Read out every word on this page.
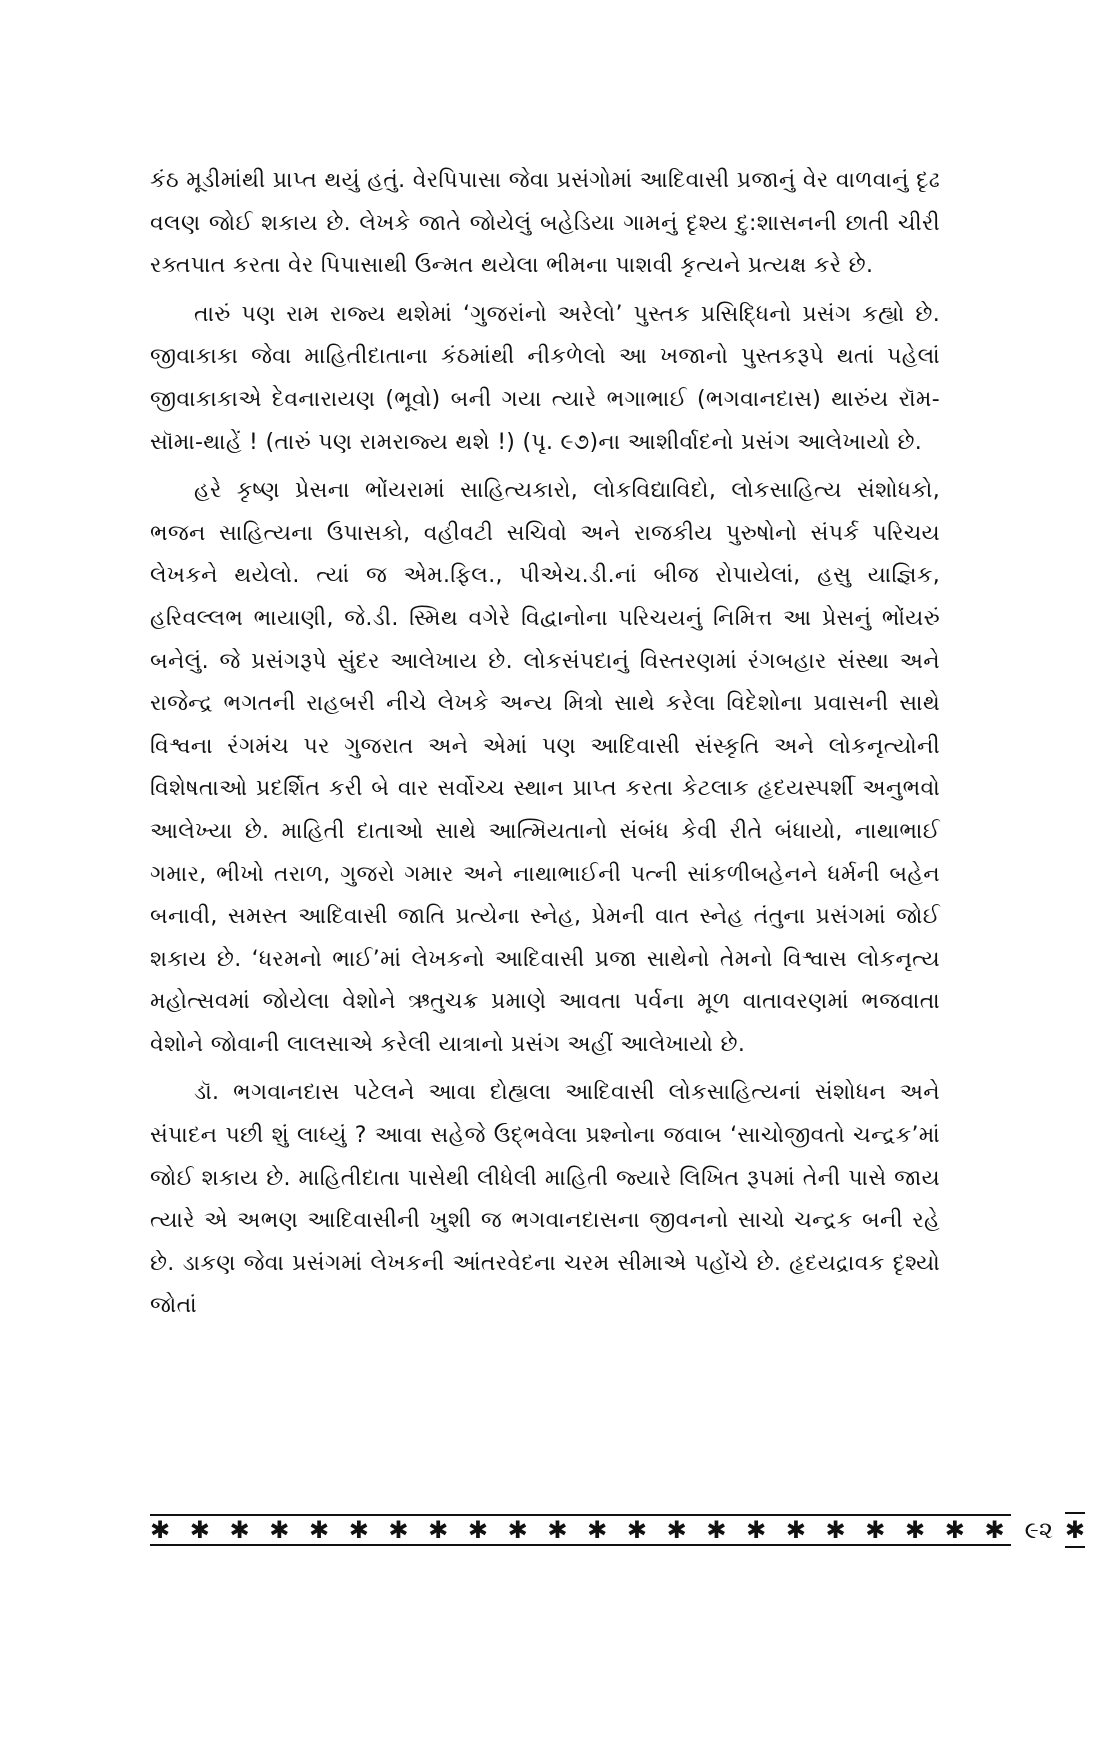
કંઠ મૂડીમાંથી પ્રાપ્ત થયું હતું. વેરપિપાસા જેવા પ્રસંગોમાં આદિવાસી પ્રજાનું વેર વાળવાનું દૃઢ વલણ જોઈ શકાય છે. લેખકે જાતે જોયેલું બહેડિયા ગામનું દૃશ્ય દુ:શાસનની છાતી ચીરી રક્તપાત કરતા વેર પિપાસાથી ઉન્મત થયેલા ભીમના પાશવી કૃત્યને પ્રત્યક્ષ કરે છે.

તારું પણ રામ રાજ્ય થશેમાં ‘ગુજરાંનો અરેલો’ પુસ્તક પ્રસિદ્ધિનો પ્રસંગ કહ્યો છે. જીવાકાકા જેવા માહિતીદાતાના કંઠમાંથી નીકળેલો આ ખજાનો પુસ્તકરૂપે થતાં પહેલાં જીવાકાકાએ દેવનારાયણ (ભૂવો) બની ગયા ત્યારે ભગાભાઈ (ભગવાનદાસ) થારુંય રૉમ-સૉમા-થાહેં ! (તારું પણ રામરાજ્ય થશે !) (પૃ. ૯૭)ના આશીર્વાદનો પ્રસંગ આલેખાયો છે.

હરે કૃષ્ણ પ્રેસના ભોંયરામાં સાહિત્યકારો, લોકવિદ્યાવિદો, લોકસાહિત્ય સંશોધકો, ભજન સાહિત્યના ઉપાસકો, વહીવટી સચિવો અને રાજકીય પુરુષોનો સંપર્ક પરિચય લેખકને થયેલો. ત્યાં જ એમ.ફિલ., પીએચ.ડી.નાં બીજ રોપાયેલાં, હસુ યાજ્ઞિક, હરિવલ્લભ ભાયાણી, જે.ડી. સ્મિથ વગેરે વિદ્વાનોના પરિચયનું નિમિત્ત આ પ્રેસનું ભોંયરું બનેલું. જે પ્રસંગરૂપે સુંદર આલેખાય છે. લોકસંપદાનું વિસ્તરણમાં રંગબહાર સંસ્થા અને રાજેન્દ્ર ભગતની રાહબરી નીચે લેખકે અન્ય મિત્રો સાથે કરેલા વિદેશોના પ્રવાસની સાથે વિશ્વના રંગમંચ પર ગુજરાત અને એમાં પણ આદિવાસી સંસ્કૃતિ અને લોકનૃત્યોની વિશેષતાઓ પ્રદર્શિત કરી બે વાર સર્વોચ્ચ સ્થાન પ્રાપ્ત કરતા કેટલાક હૃદયસ્પર્શી અનુભવો આલેખ્યા છે. માહિતી દાતાઓ સાથે આત્મિયતાનો સંબંધ કેવી રીતે બંધાયો, નાથાભાઈ ગમાર, ભીખો તરાળ, ગુજરો ગમાર અને નાથાભાઈની પત્ની સાંકળીબહેનને ધર્મની બહેન બનાવી, સમસ્ત આદિવાસી જાતિ પ્રત્યેના સ્નેહ, પ્રેમની વાત સ્નેહ તંતુના પ્રસંગમાં જોઈ શકાય છે. ‘ધરમનો ભાઈ’માં લેખકનો આદિવાસી પ્રજા સાથેનો તેમનો વિશ્વાસ લોકનૃત્ય મહોત્સવમાં જોયેલા વેશોને ઋતુચક્ર પ્રમાણે આવતા પર્વના મૂળ વાતાવરણમાં ભજવાતા વેશોને જોવાની લાલસાએ કરેલી યાત્રાનો પ્રસંગ અહીં આલેખાયો છે.

ડૉ. ભગવાનદાસ પટેલને આવા દોહ્યલા આદિવાસી લોકસાહિત્યનાં સંશોધન અને સંપાદન પછી શું લાધ્યું ? આવા સહેજે ઉદ્ભવેલા પ્રશ્નોના જવાબ ‘સાચોજીવતો ચન્દ્રક’માં જોઈ શકાય છે. માહિતીદાતા પાસેથી લીધેલી માહિતી જ્યારે લિખિત રૂપમાં તેની પાસે જાય ત્યારે એ અભણ આદિવાસીની ખુશી જ ભગવાનદાસના જીવનનો સાચો ચન્દ્રક બની રહે છે. ડાકણ જેવા પ્રસંગમાં લેખકની આંતરવેદના ચરમ સીમાએ પહોંચે છે. હૃદયદ્રાવક દૃશ્યો જોતાં

✱ ✱ ✱ ✱ ✱ ✱ ✱ ✱ ✱ ✱ ✱ ✱ ✱ ✱ ✱ ✱ ✱ ✱ ✱ ✱ ✱ ✱ ૯૨ ✱
